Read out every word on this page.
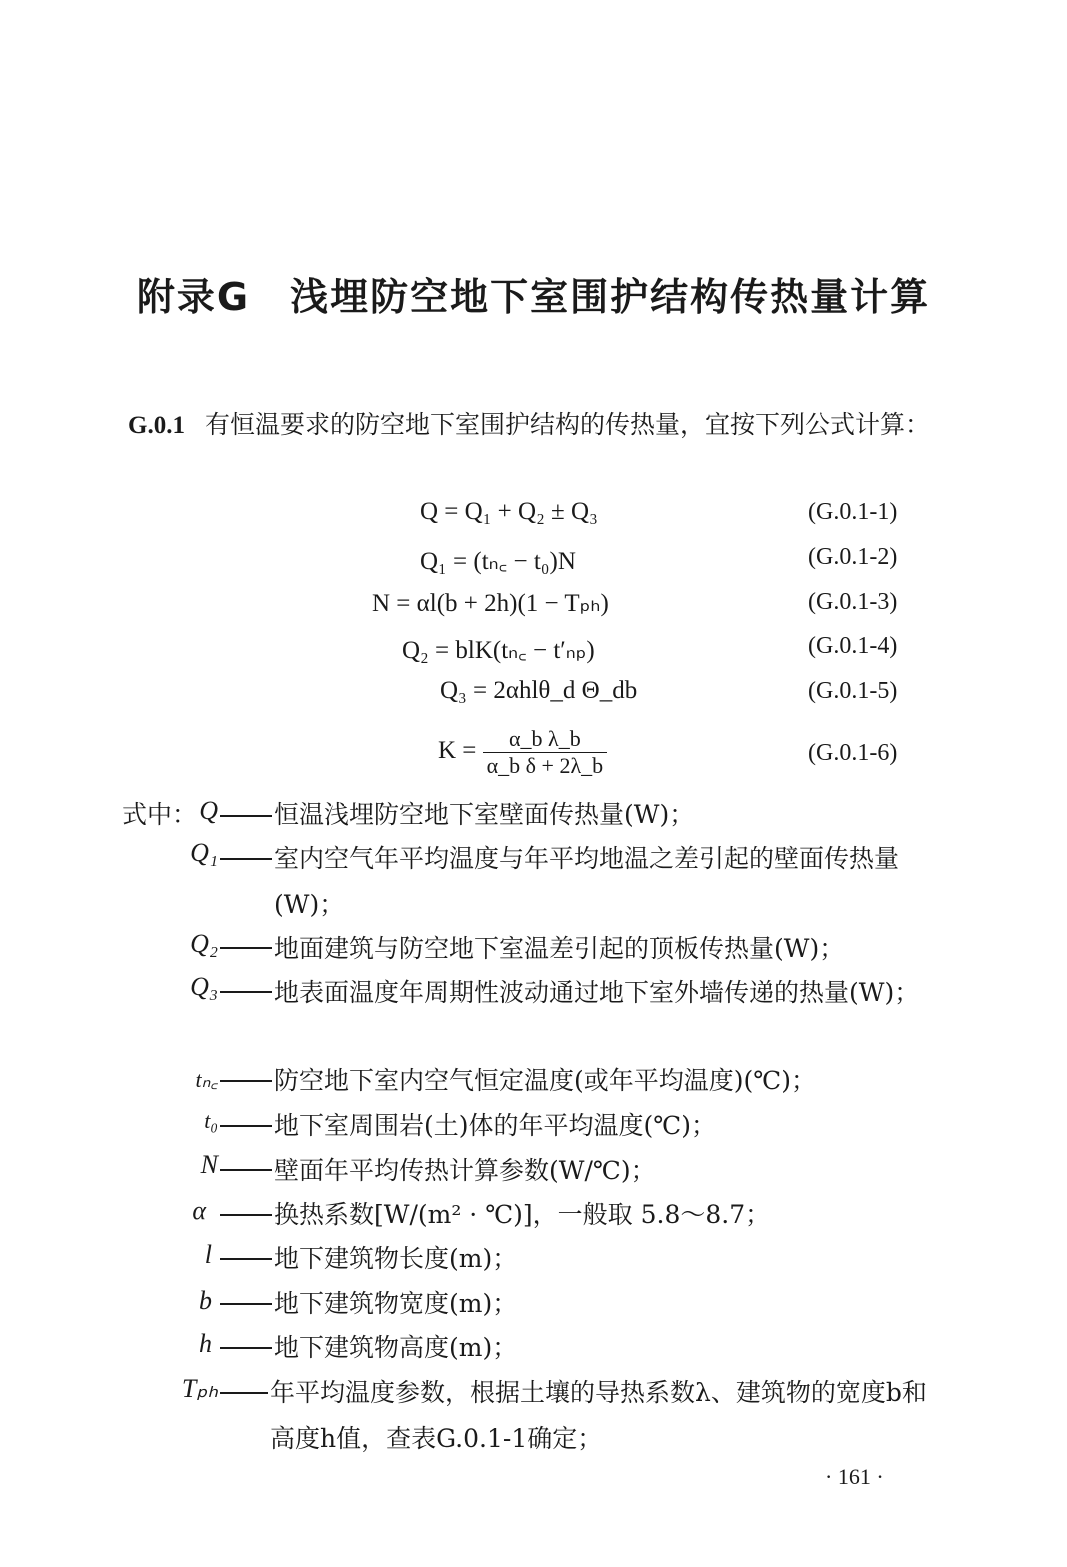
附录G　浅埋防空地下室围护结构传热量计算
G.0.1 有恒温要求的防空地下室围护结构的传热量，宜按下列公式计算：
Q = Q₁ + Q₂ ± Q₃	(G.0.1-1)
Q₁ = (tₙ꜀ − t₀)N	(G.0.1-2)
N = αl(b + 2h)(1 − Tₚₕ)	(G.0.1-3)
Q₂ = blK(tₙ꜀ − t′ₙₚ)	(G.0.1-4)
Q₃ = 2αhlθ_d Θ_db	(G.0.1-5)
$K = \frac{\text{α\_b λ\_b}}{\text{α\_b δ + 2λ\_b}}$	(G.0.1-6)
式中： Q 恒温浅埋防空地下室壁面传热量(W)；
Q₁ 室内空气年平均温度与年平均地温之差引起的壁面传热量(W)；
Q₂ 地面建筑与防空地下室温差引起的顶板传热量(W)；
Q₃ 地表面温度年周期性波动通过地下室外墙传递的热量(W)；
tₙ꜀ 防空地下室内空气恒定温度(或年平均温度)(℃)；
t₀ 地下室周围岩(土)体的年平均温度(℃)；
N 壁面年平均传热计算参数(W/℃)；
α	换热系数[W/(m² · ℃)]，一般取 5.8～8.7；
l 地下建筑物长度(m)；
b 地下建筑物宽度(m)；
h 地下建筑物高度(m)；
Tₚₕ 年平均温度参数，根据土壤的导热系数λ、建筑物的宽度b和高度h值，查表G.0.1-1确定；
· 161 ·
